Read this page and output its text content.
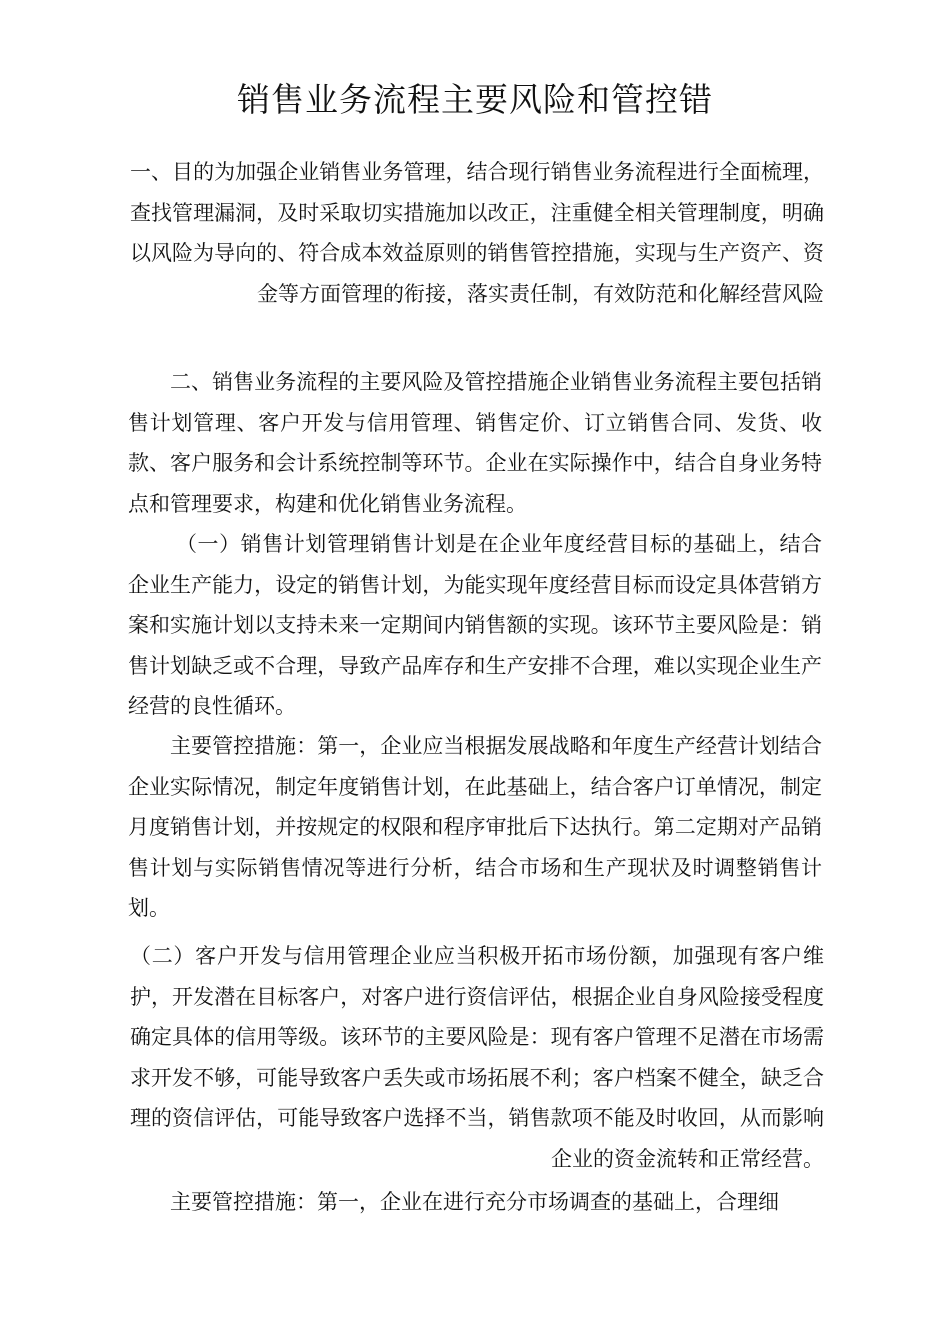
销售业务流程主要风险和管控错

一、目的为加强企业销售业务管理，结合现行销售业务流程进行全面梳理，查找管理漏洞，及时采取切实措施加以改正，注重健全相关管理制度，明确以风险为导向的、符合成本效益原则的销售管控措施，实现与生产资产、资金等方面管理的衔接，落实责任制，有效防范和化解经营风险

二、销售业务流程的主要风险及管控措施企业销售业务流程主要包括销售计划管理、客户开发与信用管理、销售定价、订立销售合同、发货、收款、客户服务和会计系统控制等环节。企业在实际操作中，结合自身业务特点和管理要求，构建和优化销售业务流程。

（一）销售计划管理销售计划是在企业年度经营目标的基础上，结合企业生产能力，设定的销售计划，为能实现年度经营目标而设定具体营销方案和实施计划以支持未来一定期间内销售额的实现。该环节主要风险是：销售计划缺乏或不合理，导致产品库存和生产安排不合理，难以实现企业生产经营的良性循环。

主要管控措施：第一，企业应当根据发展战略和年度生产经营计划结合企业实际情况，制定年度销售计划，在此基础上，结合客户订单情况，制定月度销售计划，并按规定的权限和程序审批后下达执行。第二定期对产品销售计划与实际销售情况等进行分析，结合市场和生产现状及时调整销售计划。

（二）客户开发与信用管理企业应当积极开拓市场份额，加强现有客户维护，开发潜在目标客户，对客户进行资信评估，根据企业自身风险接受程度确定具体的信用等级。该环节的主要风险是：现有客户管理不足潜在市场需求开发不够，可能导致客户丢失或市场拓展不利；客户档案不健全，缺乏合理的资信评估，可能导致客户选择不当，销售款项不能及时收回，从而影响企业的资金流转和正常经营。

主要管控措施：第一，企业在进行充分市场调查的基础上，合理细
